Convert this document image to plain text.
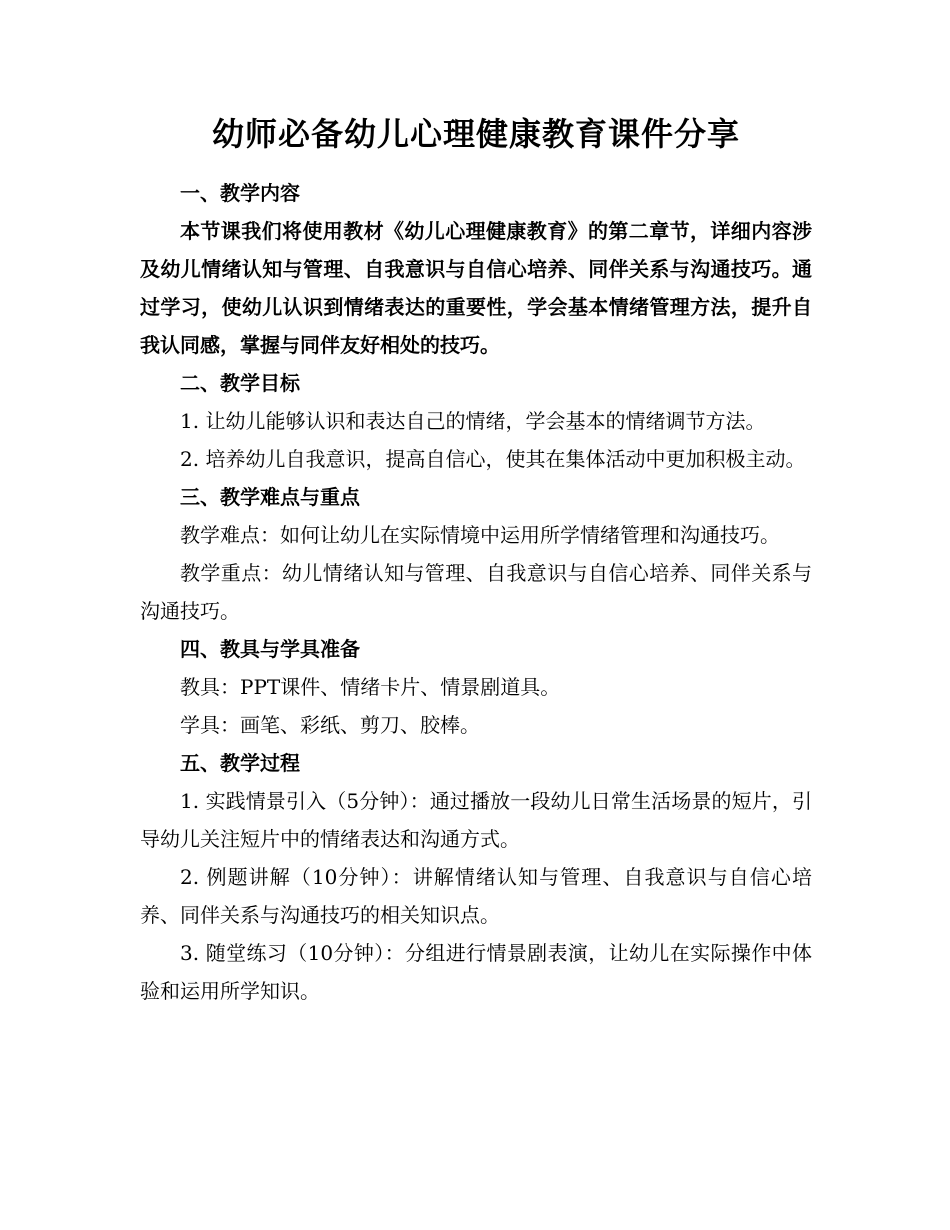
幼师必备幼儿心理健康教育课件分享

一、教学内容

本节课我们将使用教材《幼儿心理健康教育》的第二章节，详细内容涉及幼儿情绪认知与管理、自我意识与自信心培养、同伴关系与沟通技巧。通过学习，使幼儿认识到情绪表达的重要性，学会基本情绪管理方法，提升自我认同感，掌握与同伴友好相处的技巧。

二、教学目标

1. 让幼儿能够认识和表达自己的情绪，学会基本的情绪调节方法。

2. 培养幼儿自我意识，提高自信心，使其在集体活动中更加积极主动。

三、教学难点与重点

教学难点：如何让幼儿在实际情境中运用所学情绪管理和沟通技巧。

教学重点：幼儿情绪认知与管理、自我意识与自信心培养、同伴关系与沟通技巧。

四、教具与学具准备

教具：PPT课件、情绪卡片、情景剧道具。

学具：画笔、彩纸、剪刀、胶棒。

五、教学过程

1. 实践情景引入（5分钟）：通过播放一段幼儿日常生活场景的短片，引导幼儿关注短片中的情绪表达和沟通方式。

2. 例题讲解（10分钟）：讲解情绪认知与管理、自我意识与自信心培养、同伴关系与沟通技巧的相关知识点。

3. 随堂练习（10分钟）：分组进行情景剧表演，让幼儿在实际操作中体验和运用所学知识。
